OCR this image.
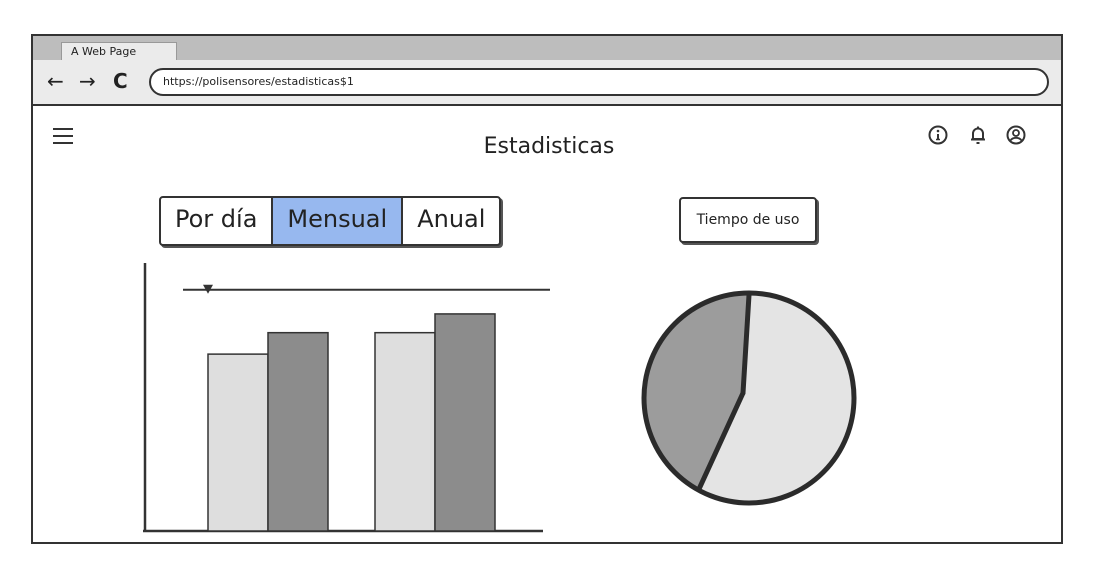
A Web Page
← → C	https://polisensores/estadisticas$1
Estadisticas
Por día	Mensual	Anual	Tiempo de uso
